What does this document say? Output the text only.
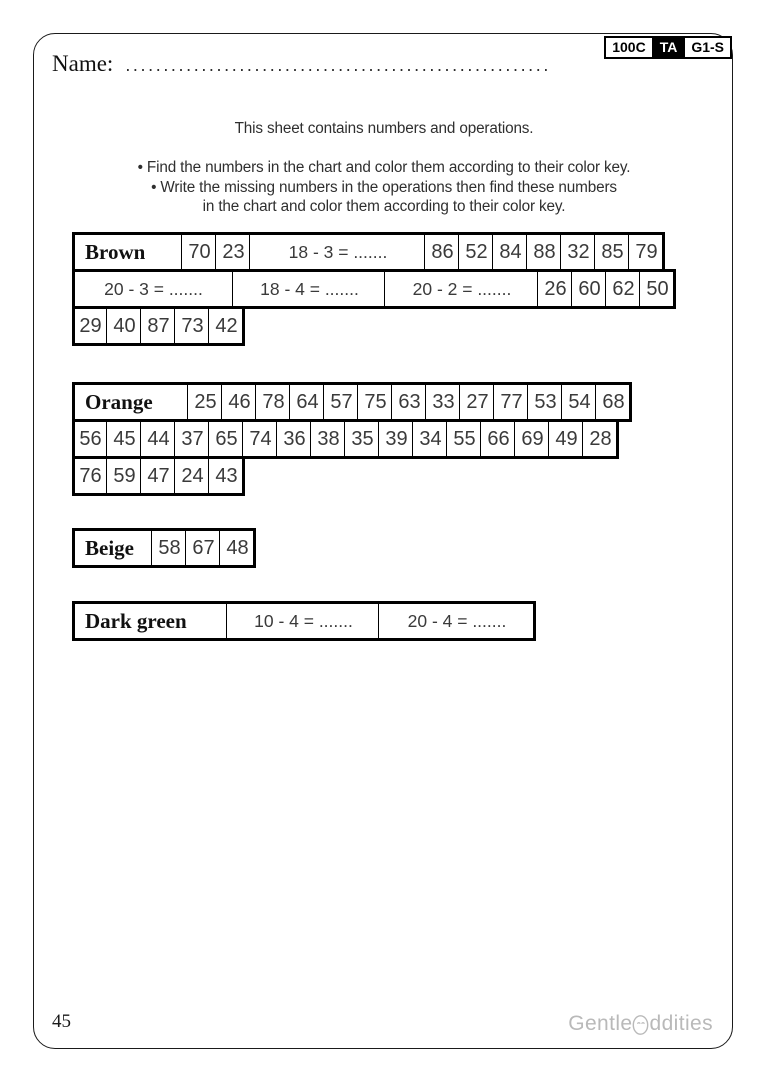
100C	TA	G1-S
Name: ........................................................
This sheet contains numbers and operations.
• Find the numbers in the chart and color them according to their color key.
• Write the missing numbers in the operations then find these numbers
in the chart and color them according to their color key.
Brown	70 23	18 - 3 = .......	86 52 84 88 32 85 79
20 - 3 = .......	18 - 4 = .......	20 - 2 = .......	26 60 62 50
29 40 87 73 42
Orange	25 46 78 64 57 75 63 33 27 77 53 54 68
56 45 44 37 65 74 36 38 35 39 34 55 66 69 49 28
76 59 47 24 43
Beige	58 67 48
Dark green	10 - 4 = .......	20 - 4 = .......
45	Gentle ddities
